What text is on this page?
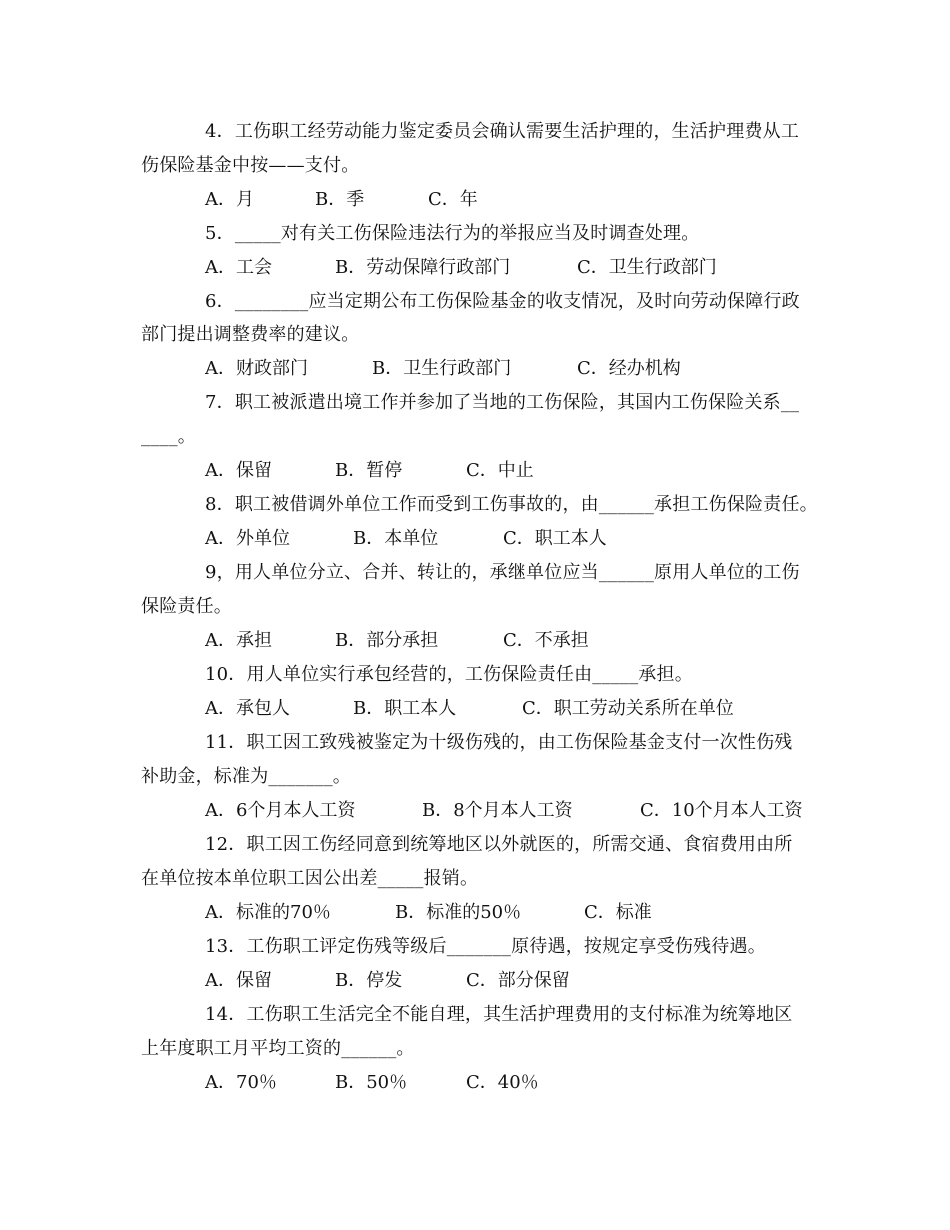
4．工伤职工经劳动能力鉴定委员会确认需要生活护理的，生活护理费从工
伤保险基金中按——支付。
A．月	B．季	C．年
5．_____对有关工伤保险违法行为的举报应当及时调查处理。
A．工会	B．劳动保障行政部门	C．卫生行政部门
6．________应当定期公布工伤保险基金的收支情况，及时向劳动保障行政
部门提出调整费率的建议。
A．财政部门	B．卫生行政部门	C．经办机构
7．职工被派遣出境工作并参加了当地的工伤保险，其国内工伤保险关系__
____。
A．保留	B．暂停	C．中止
8．职工被借调外单位工作而受到工伤事故的，由______承担工伤保险责任。
A．外单位	B．本单位	C．职工本人
9，用人单位分立、合并、转让的，承继单位应当______原用人单位的工伤
保险责任。
A．承担	B．部分承担	C．不承担
10．用人单位实行承包经营的，工伤保险责任由_____承担。
A．承包人	B．职工本人	C．职工劳动关系所在单位
11．职工因工致残被鉴定为十级伤残的，由工伤保险基金支付一次性伤残
补助金，标准为_______。
A．6个月本人工资	B．8个月本人工资	C．10个月本人工资
12．职工因工伤经同意到统筹地区以外就医的，所需交通、食宿费用由所
在单位按本单位职工因公出差_____报销。
A．标准的70％	B．标准的50％	C．标准
13．工伤职工评定伤残等级后_______原待遇，按规定享受伤残待遇。
A．保留	B．停发	C．部分保留
14．工伤职工生活完全不能自理，其生活护理费用的支付标准为统筹地区
上年度职工月平均工资的______。
A．70％	B．50％	C．40％
